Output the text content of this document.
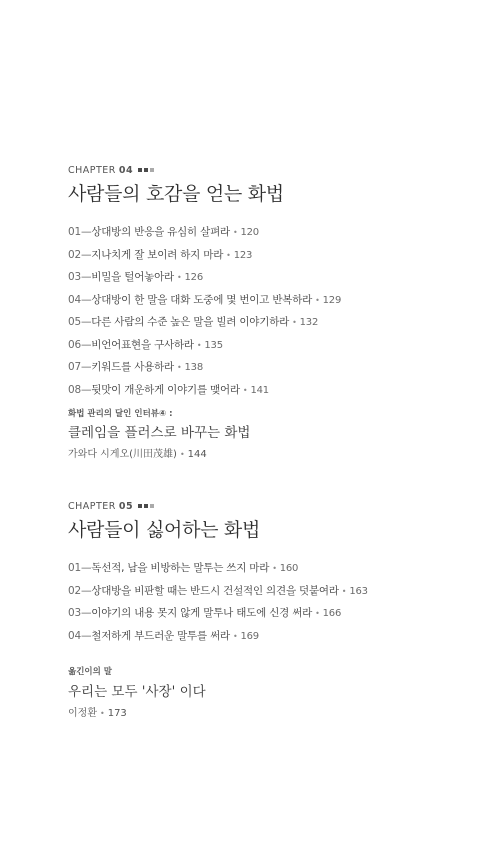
CHAPTER 04
사람들의 호감을 얻는 화법
01—상대방의 반응을 유심히 살펴라 • 120
02—지나치게 잘 보이려 하지 마라 • 123
03—비밀을 털어놓아라 • 126
04—상대방이 한 말을 대화 도중에 몇 번이고 반복하라 • 129
05—다른 사람의 수준 높은 말을 빌려 이야기하라 • 132
06—비언어표현을 구사하라 • 135
07—키워드를 사용하라 • 138
08—뒷맛이 개운하게 이야기를 맺어라 • 141
화법 관리의 달인 인터뷰④ :
클레임을 플러스로 바꾸는 화법
가와다 시게오(川田茂雄) • 144
CHAPTER 05
사람들이 싫어하는 화법
01—독선적, 남을 비방하는 말투는 쓰지 마라 • 160
02—상대방을 비판할 때는 반드시 건설적인 의견을 덧붙여라 • 163
03—이야기의 내용 못지 않게 말투나 태도에 신경 써라 • 166
04—철저하게 부드러운 말투를 써라 • 169
옮긴이의 말
우리는 모두 '사장' 이다
이정환 • 173
